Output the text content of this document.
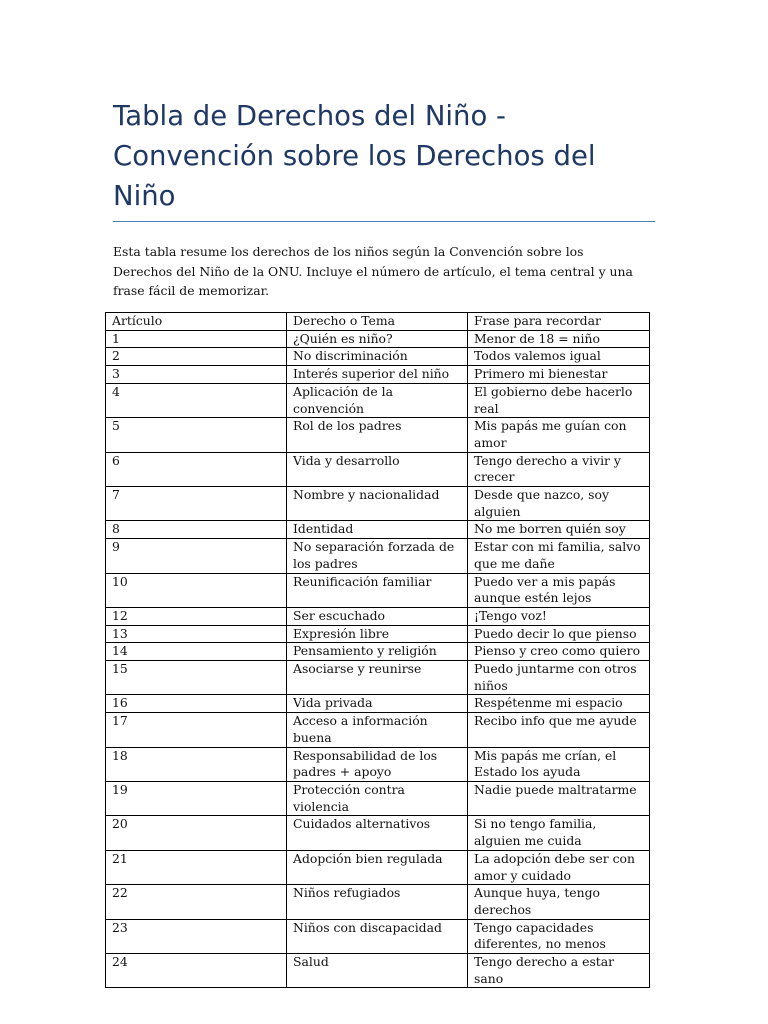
Tabla de Derechos del Niño - Convención sobre los Derechos del Niño

Esta tabla resume los derechos de los niños según la Convención sobre los Derechos del Niño de la ONU. Incluye el número de artículo, el tema central y una frase fácil de memorizar.

Artículo	Derecho o Tema	Frase para recordar
1	¿Quién es niño?	Menor de 18 = niño
2	No discriminación	Todos valemos igual
3	Interés superior del niño	Primero mi bienestar
4	Aplicación de la convención	El gobierno debe hacerlo real
5	Rol de los padres	Mis papás me guían con amor
6	Vida y desarrollo	Tengo derecho a vivir y crecer
7	Nombre y nacionalidad	Desde que nazco, soy alguien
8	Identidad	No me borren quién soy
9	No separación forzada de los padres	Estar con mi familia, salvo que me dañe
10	Reunificación familiar	Puedo ver a mis papás aunque estén lejos
12	Ser escuchado	¡Tengo voz!
13	Expresión libre	Puedo decir lo que pienso
14	Pensamiento y religión	Pienso y creo como quiero
15	Asociarse y reunirse	Puedo juntarme con otros niños
16	Vida privada	Respétenme mi espacio
17	Acceso a información buena	Recibo info que me ayude
18	Responsabilidad de los padres + apoyo	Mis papás me crían, el Estado los ayuda
19	Protección contra violencia	Nadie puede maltratarme
20	Cuidados alternativos	Si no tengo familia, alguien me cuida
21	Adopción bien regulada	La adopción debe ser con amor y cuidado
22	Niños refugiados	Aunque huya, tengo derechos
23	Niños con discapacidad	Tengo capacidades diferentes, no menos
24	Salud	Tengo derecho a estar sano
